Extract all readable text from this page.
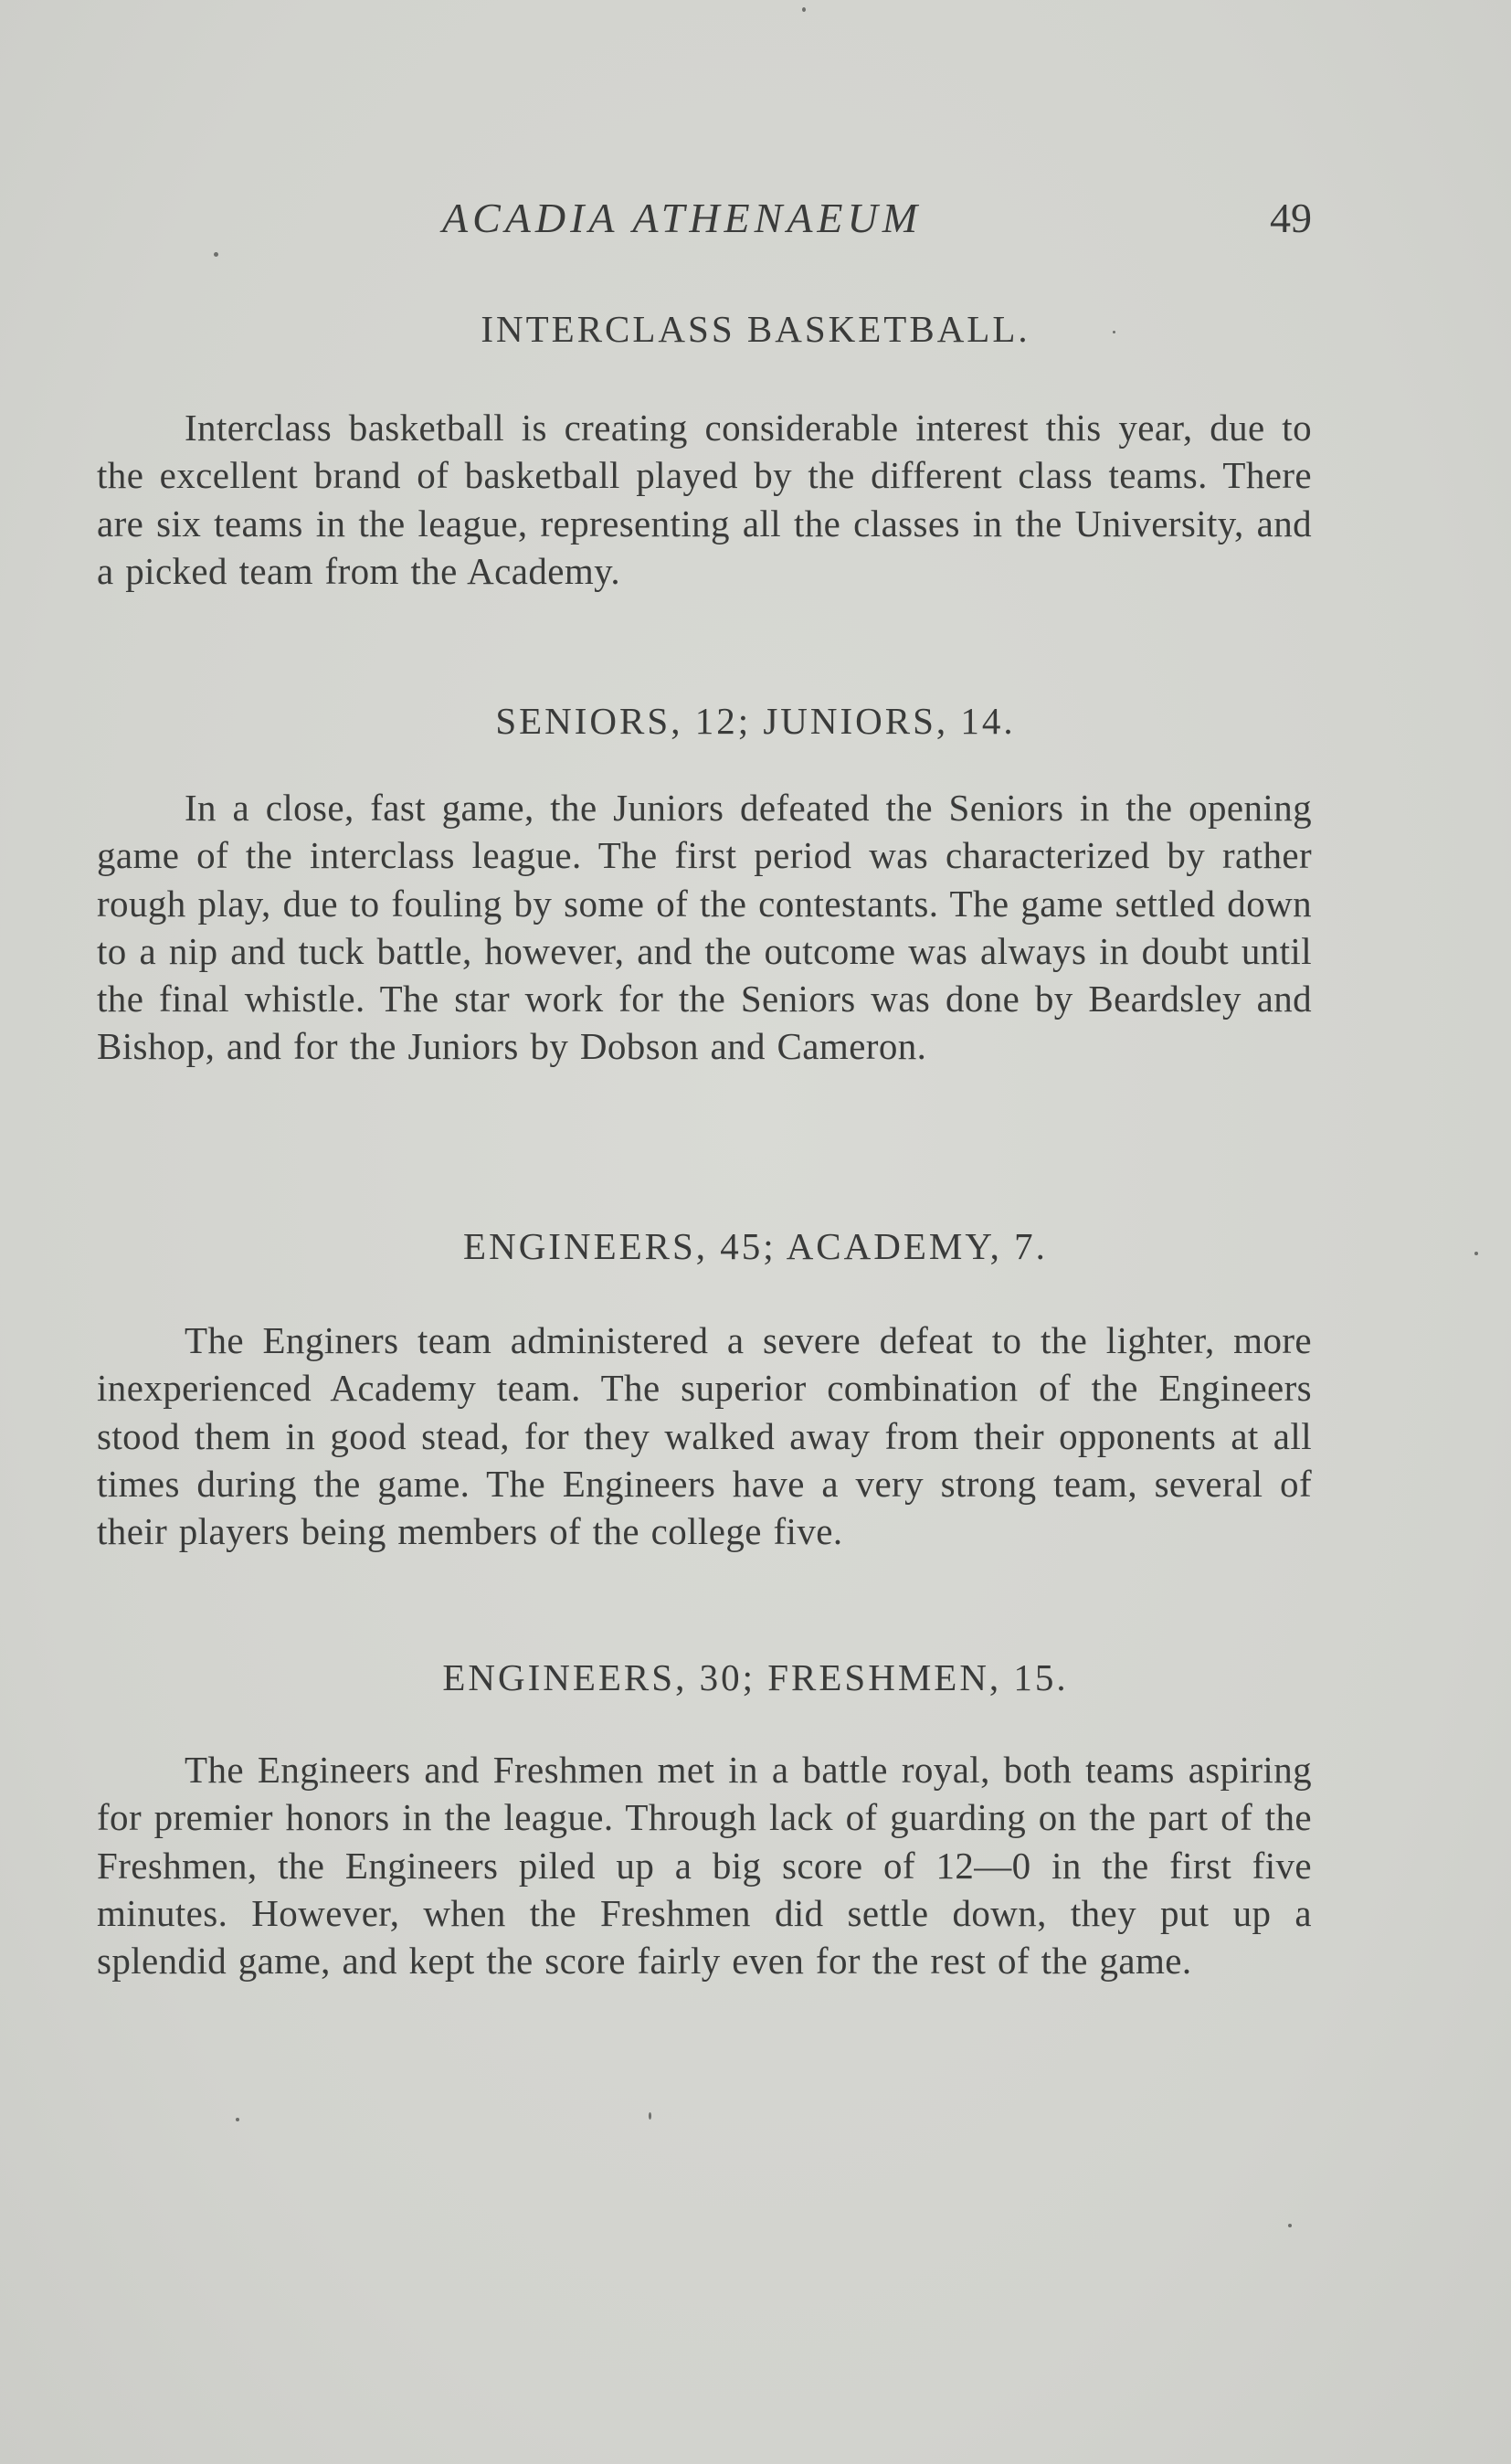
ACADIA ATHENAEUM	49
INTERCLASS BASKETBALL.

Interclass basketball is creating considerable interest this year, due to the excellent brand of basketball played by the different class teams. There are six teams in the league, representing all the classes in the University, and a picked team from the Academy.

SENIORS, 12; JUNIORS, 14.

In a close, fast game, the Juniors defeated the Seniors in the opening game of the interclass league. The first period was characterized by rather rough play, due to fouling by some of the contestants. The game settled down to a nip and tuck battle, however, and the outcome was always in doubt until the final whistle. The star work for the Seniors was done by Beardsley and Bishop, and for the Juniors by Dobson and Cameron.

ENGINEERS, 45; ACADEMY, 7.

The Enginers team administered a severe defeat to the lighter, more inexperienced Academy team. The superior combination of the Engineers stood them in good stead, for they walked away from their opponents at all times during the game. The Engineers have a very strong team, several of their players being members of the college five.

ENGINEERS, 30; FRESHMEN, 15.

The Engineers and Freshmen met in a battle royal, both teams aspiring for premier honors in the league. Through lack of guarding on the part of the Freshmen, the Engineers piled up a big score of 12—0 in the first five minutes. However, when the Freshmen did settle down, they put up a splendid game, and kept the score fairly even for the rest of the game.
